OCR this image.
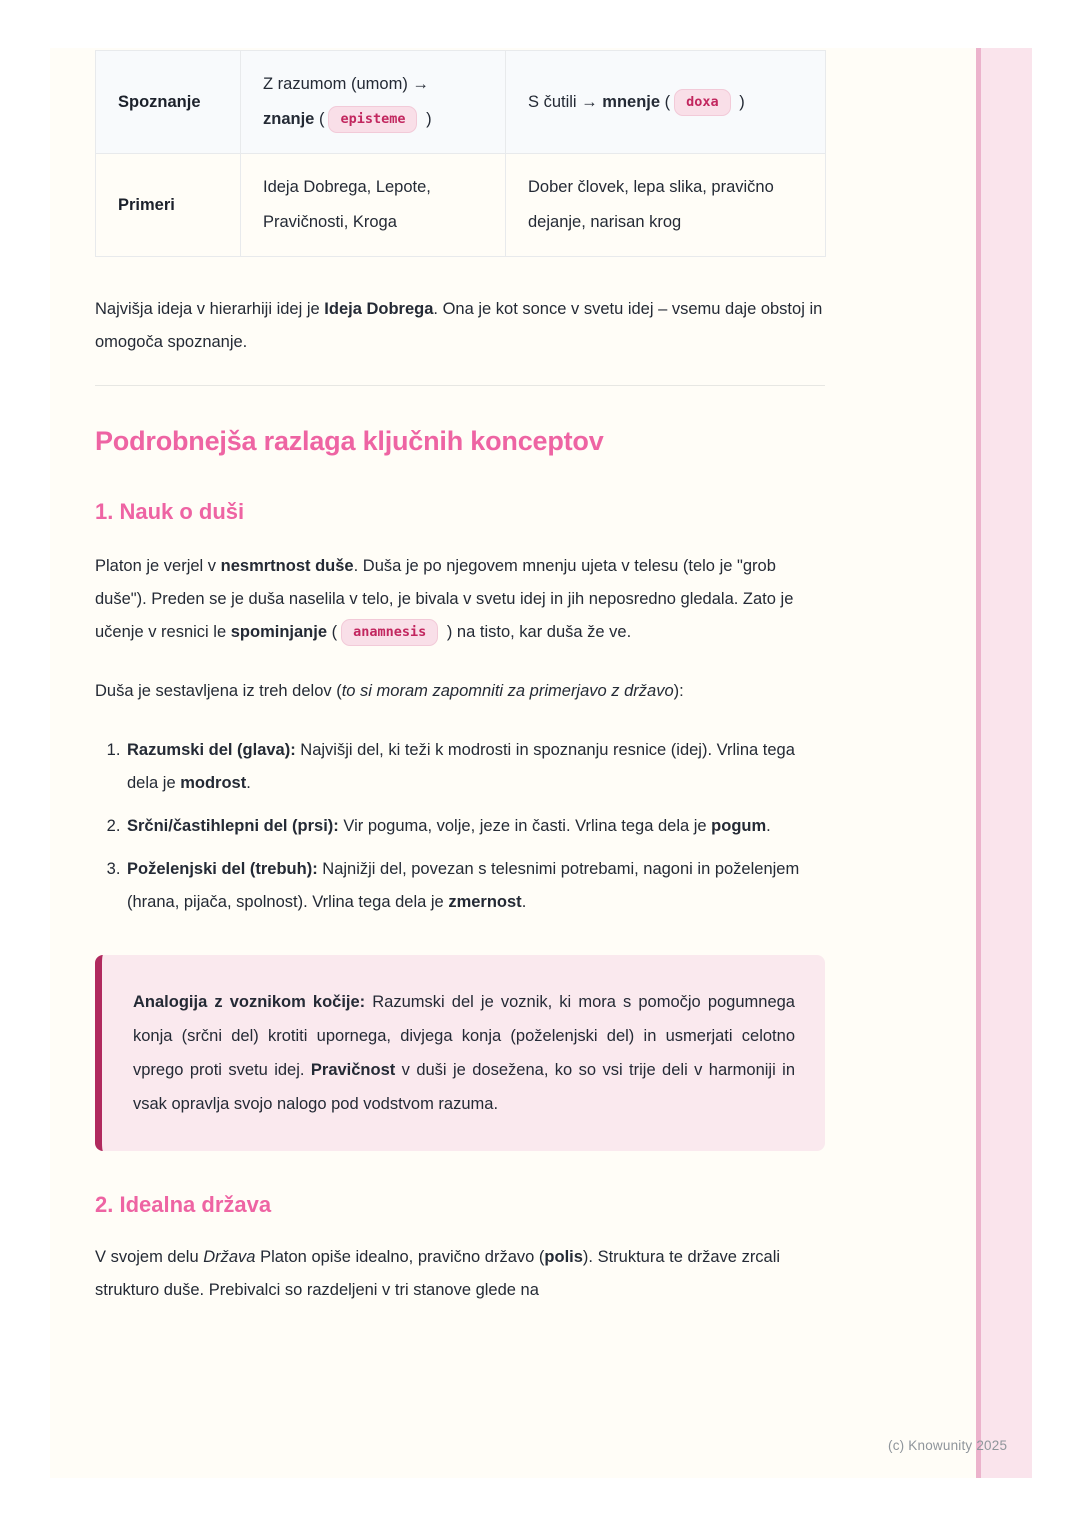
Spoznanje	Z razumom (umom) → znanje ( episteme )	S čutili → mnenje ( doxa )

Primeri	Ideja Dobrega, Lepote, Pravičnosti, Kroga	Dober človek, lepa slika, pravično dejanje, narisan krog

Najvišja ideja v hierarhiji idej je Ideja Dobrega. Ona je kot sonce v svetu idej – vsemu daje obstoj in omogoča spoznanje.

Podrobnejša razlaga ključnih konceptov
1. Nauk o duši

Platon je verjel v nesmrtnost duše. Duša je po njegovem mnenju ujeta v telesu (telo je "grob duše"). Preden se je duša naselila v telo, je bivala v svetu idej in jih neposredno gledala. Zato je učenje v resnici le spominjanje ( anamnesis ) na tisto, kar duša že ve.

Duša je sestavljena iz treh delov (to si moram zapomniti za primerjavo z državo):

1. Razumski del (glava): Najvišji del, ki teži k modrosti in spoznanju resnice (idej). Vrlina tega dela je modrost.
2. Srčni/častihlepni del (prsi): Vir poguma, volje, jeze in časti. Vrlina tega dela je pogum.
3. Poželenjski del (trebuh): Najnižji del, povezan s telesnimi potrebami, nagoni in poželenjem (hrana, pijača, spolnost). Vrlina tega dela je zmernost.
Analogija z voznikom kočije: Razumski del je voznik, ki mora s pomočjo pogumnega konja (srčni del) krotiti upornega, divjega konja (poželenjski del) in usmerjati celotno vprego proti svetu idej. Pravičnost v duši je dosežena, ko so vsi trije deli v harmoniji in vsak opravlja svojo nalogo pod vodstvom razuma.
2. Idealna država

V svojem delu Država Platon opiše idealno, pravično državo (polis). Struktura te države zrcali strukturo duše. Prebivalci so razdeljeni v tri stanove glede na

(c) Knowunity 2025
